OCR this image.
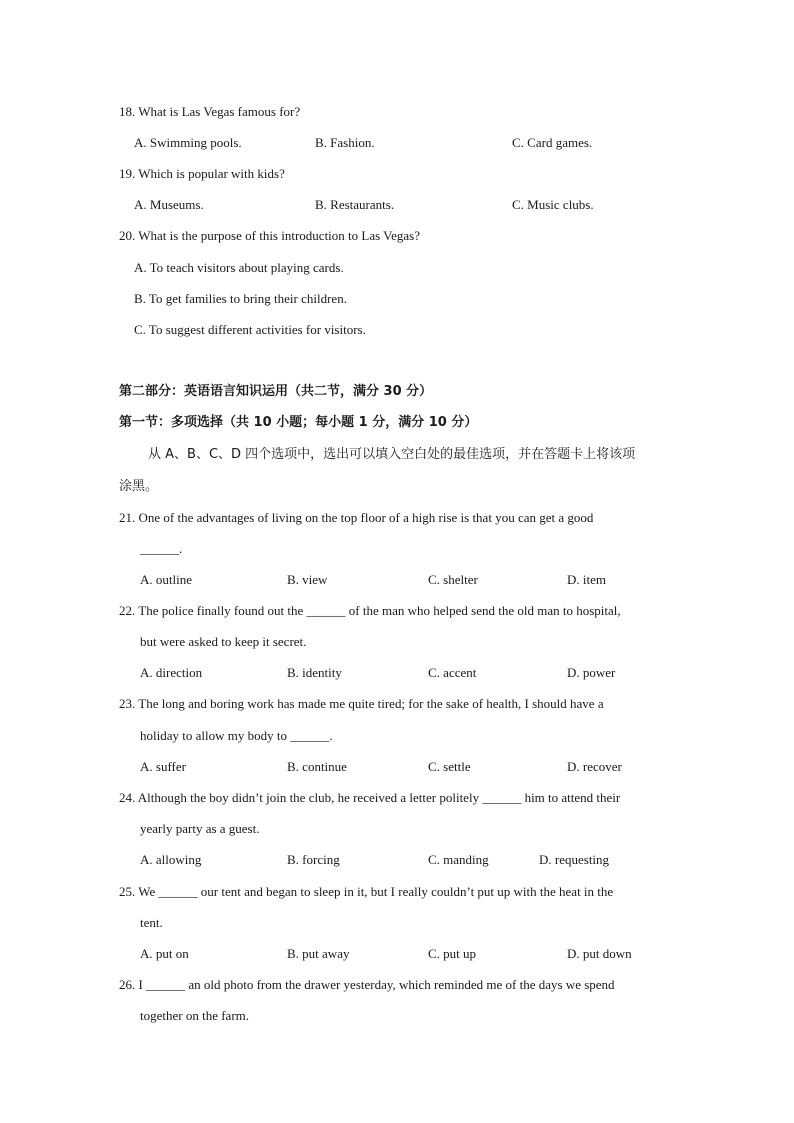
18. What is Las Vegas famous for?
A. Swimming pools.	B. Fashion.	C. Card games.
19. Which is popular with kids?
A. Museums.	B. Restaurants.	C. Music clubs.
20. What is the purpose of this introduction to Las Vegas?
A. To teach visitors about playing cards.
B. To get families to bring their children.
C. To suggest different activities for visitors.
第二部分：英语语言知识运用（共二节，满分 30 分）
第一节：多项选择（共 10 小题；每小题 1 分，满分 10 分）
从 A、B、C、D 四个选项中，选出可以填入空白处的最佳选项，并在答题卡上将该项
涂黑。
21. One of the advantages of living on the top floor of a high rise is that you can get a good
______.
A. outline	B. view	C. shelter	D. item
22. The police finally found out the ______ of the man who helped send the old man to hospital,
but were asked to keep it secret.
A. direction	B. identity	C. accent	D. power
23. The long and boring work has made me quite tired; for the sake of health, I should have a
holiday to allow my body to ______.
A. suffer	B. continue	C. settle	D. recover
24. Although the boy didn’t join the club, he received a letter politely ______ him to attend their
yearly party as a guest.
A. allowing	B. forcing	C. manding	D. requesting
25. We ______ our tent and began to sleep in it, but I really couldn’t put up with the heat in the
tent.
A. put on	B. put away	C. put up	D. put down
26. I ______ an old photo from the drawer yesterday, which reminded me of the days we spend
together on the farm.
